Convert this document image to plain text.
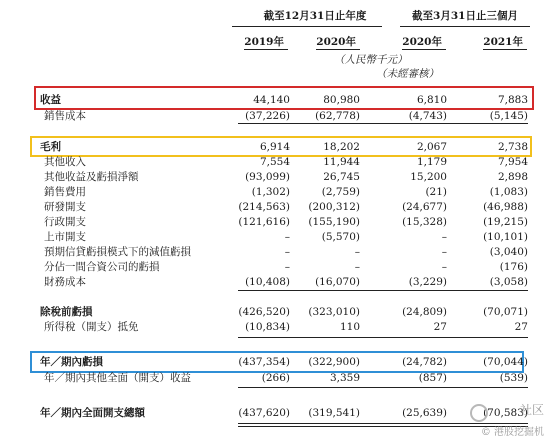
截至12月31日止年度	截至3月31日止三個月
2019年	2020年	2020年	2021年
（人民幣千元）
（未經審核）
收益	44,140	80,980	6,810	7,883
銷售成本	(37,226)	(62,778)	(4,743)	(5,145)
毛利	6,914	18,202	2,067	2,738
其他收入	7,554	11,944	1,179	7,954
其他收益及虧損淨額	(93,099)	26,745	15,200	2,898
銷售費用	(1,302)	(2,759)	(21)	(1,083)
研發開支	(214,563)	(200,312)	(24,677)	(46,988)
行政開支	(121,616)	(155,190)	(15,328)	(19,215)
上市開支	–	(5,570)	–	(10,101)
預期信貸虧損模式下的減值虧損	–	–	–	(3,040)
分佔一間合資公司的虧損	–	–	–	(176)
財務成本	(10,408)	(16,070)	(3,229)	(3,058)
除稅前虧損	(426,520)	(323,010)	(24,809)	(70,071)
所得稅（開支）抵免	(10,834)	110	27	27
年／期內虧損	(437,354)	(322,900)	(24,782)	(70,044)
年／期內其他全面（開支）收益	(266)	3,359	(857)	(539)
年／期內全面開支總額	(437,620)	(319,541)	(25,639)	(70,583)
社区
© 港股挖掘机
